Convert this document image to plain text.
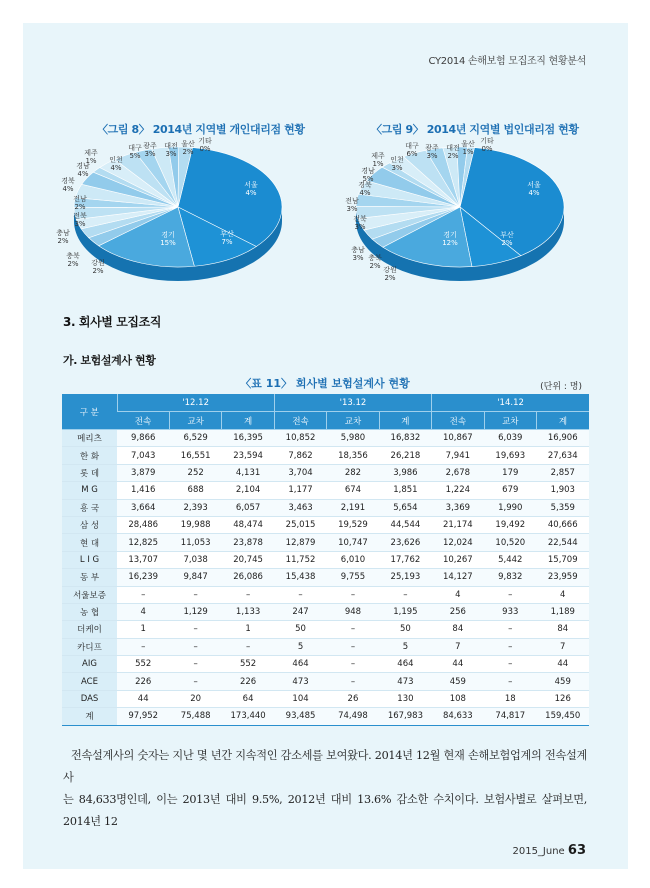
CY2014 손해보험 모집조직 현황분석
〈그림 8〉 2014년 지역별 개인대리점 현황	〈그림 9〉 2014년 지역별 법인대리점 현황
서울 4%
부산 7%
경기 15%
강원 2%
충북 2%
충남 2%
전북 3%
전남 2%
경북 4%
경남 4%
제주 1% 인천 4%
대구 5%
광주 3%
대전 3%
울산 2%
기타 0%
서울 4%
부산 2%
경기 12%
강원 2%
충북 2%
충남 3%
전북 3%
전남 3%
경북 4%
경남 5%
제주 1% 인천 3%
대구 6%
광주 3%
대전 2%
울산 1%
기타 0%
3. 회사별 모집조직
가. 보험설계사 현황
〈표 11〉 회사별 보험설계사 현황	(단위 : 명)
구 분	'12.12			'13.12			'14.12		
	전속	교차	계	전속	교차	계	전속	교차	계
메리츠	9,866	6,529	16,395	10,852	5,980	16,832	10,867	6,039	16,906
한 화	7,043	16,551	23,594	7,862	18,356	26,218	7,941	19,693	27,634
롯 데	3,879	252	4,131	3,704	282	3,986	2,678	179	2,857
M G	1,416	688	2,104	1,177	674	1,851	1,224	679	1,903
흥 국	3,664	2,393	6,057	3,463	2,191	5,654	3,369	1,990	5,359
삼 성	28,486	19,988	48,474	25,015	19,529	44,544	21,174	19,492	40,666
현 대	12,825	11,053	23,878	12,879	10,747	23,626	12,024	10,520	22,544
L I G	13,707	7,038	20,745	11,752	6,010	17,762	10,267	5,442	15,709
동 부	16,239	9,847	26,086	15,438	9,755	25,193	14,127	9,832	23,959
서울보증	–	–	–	–	–	–	4	–	4
농 협	4	1,129	1,133	247	948	1,195	256	933	1,189
더케이	1	–	1	50	–	50	84	–	84
카디프	–	–	–	5	–	5	7	–	7
AIG	552	–	552	464	–	464	44	–	44
ACE	226	–	226	473	–	473	459	–	459
DAS	44	20	64	104	26	130	108	18	126
계	97,952	75,488	173,440	93,485	74,498	167,983	84,633	74,817	159,450
전속설계사의 숫자는 지난 몇 년간 지속적인 감소세를 보여왔다. 2014년 12월 현재 손해보험업계의 전속설계사
는 84,633명인데, 이는 2013년 대비 9.5%, 2012년 대비 13.6% 감소한 수치이다. 보험사별로 살펴보면, 2014년 12
2015_June 63
